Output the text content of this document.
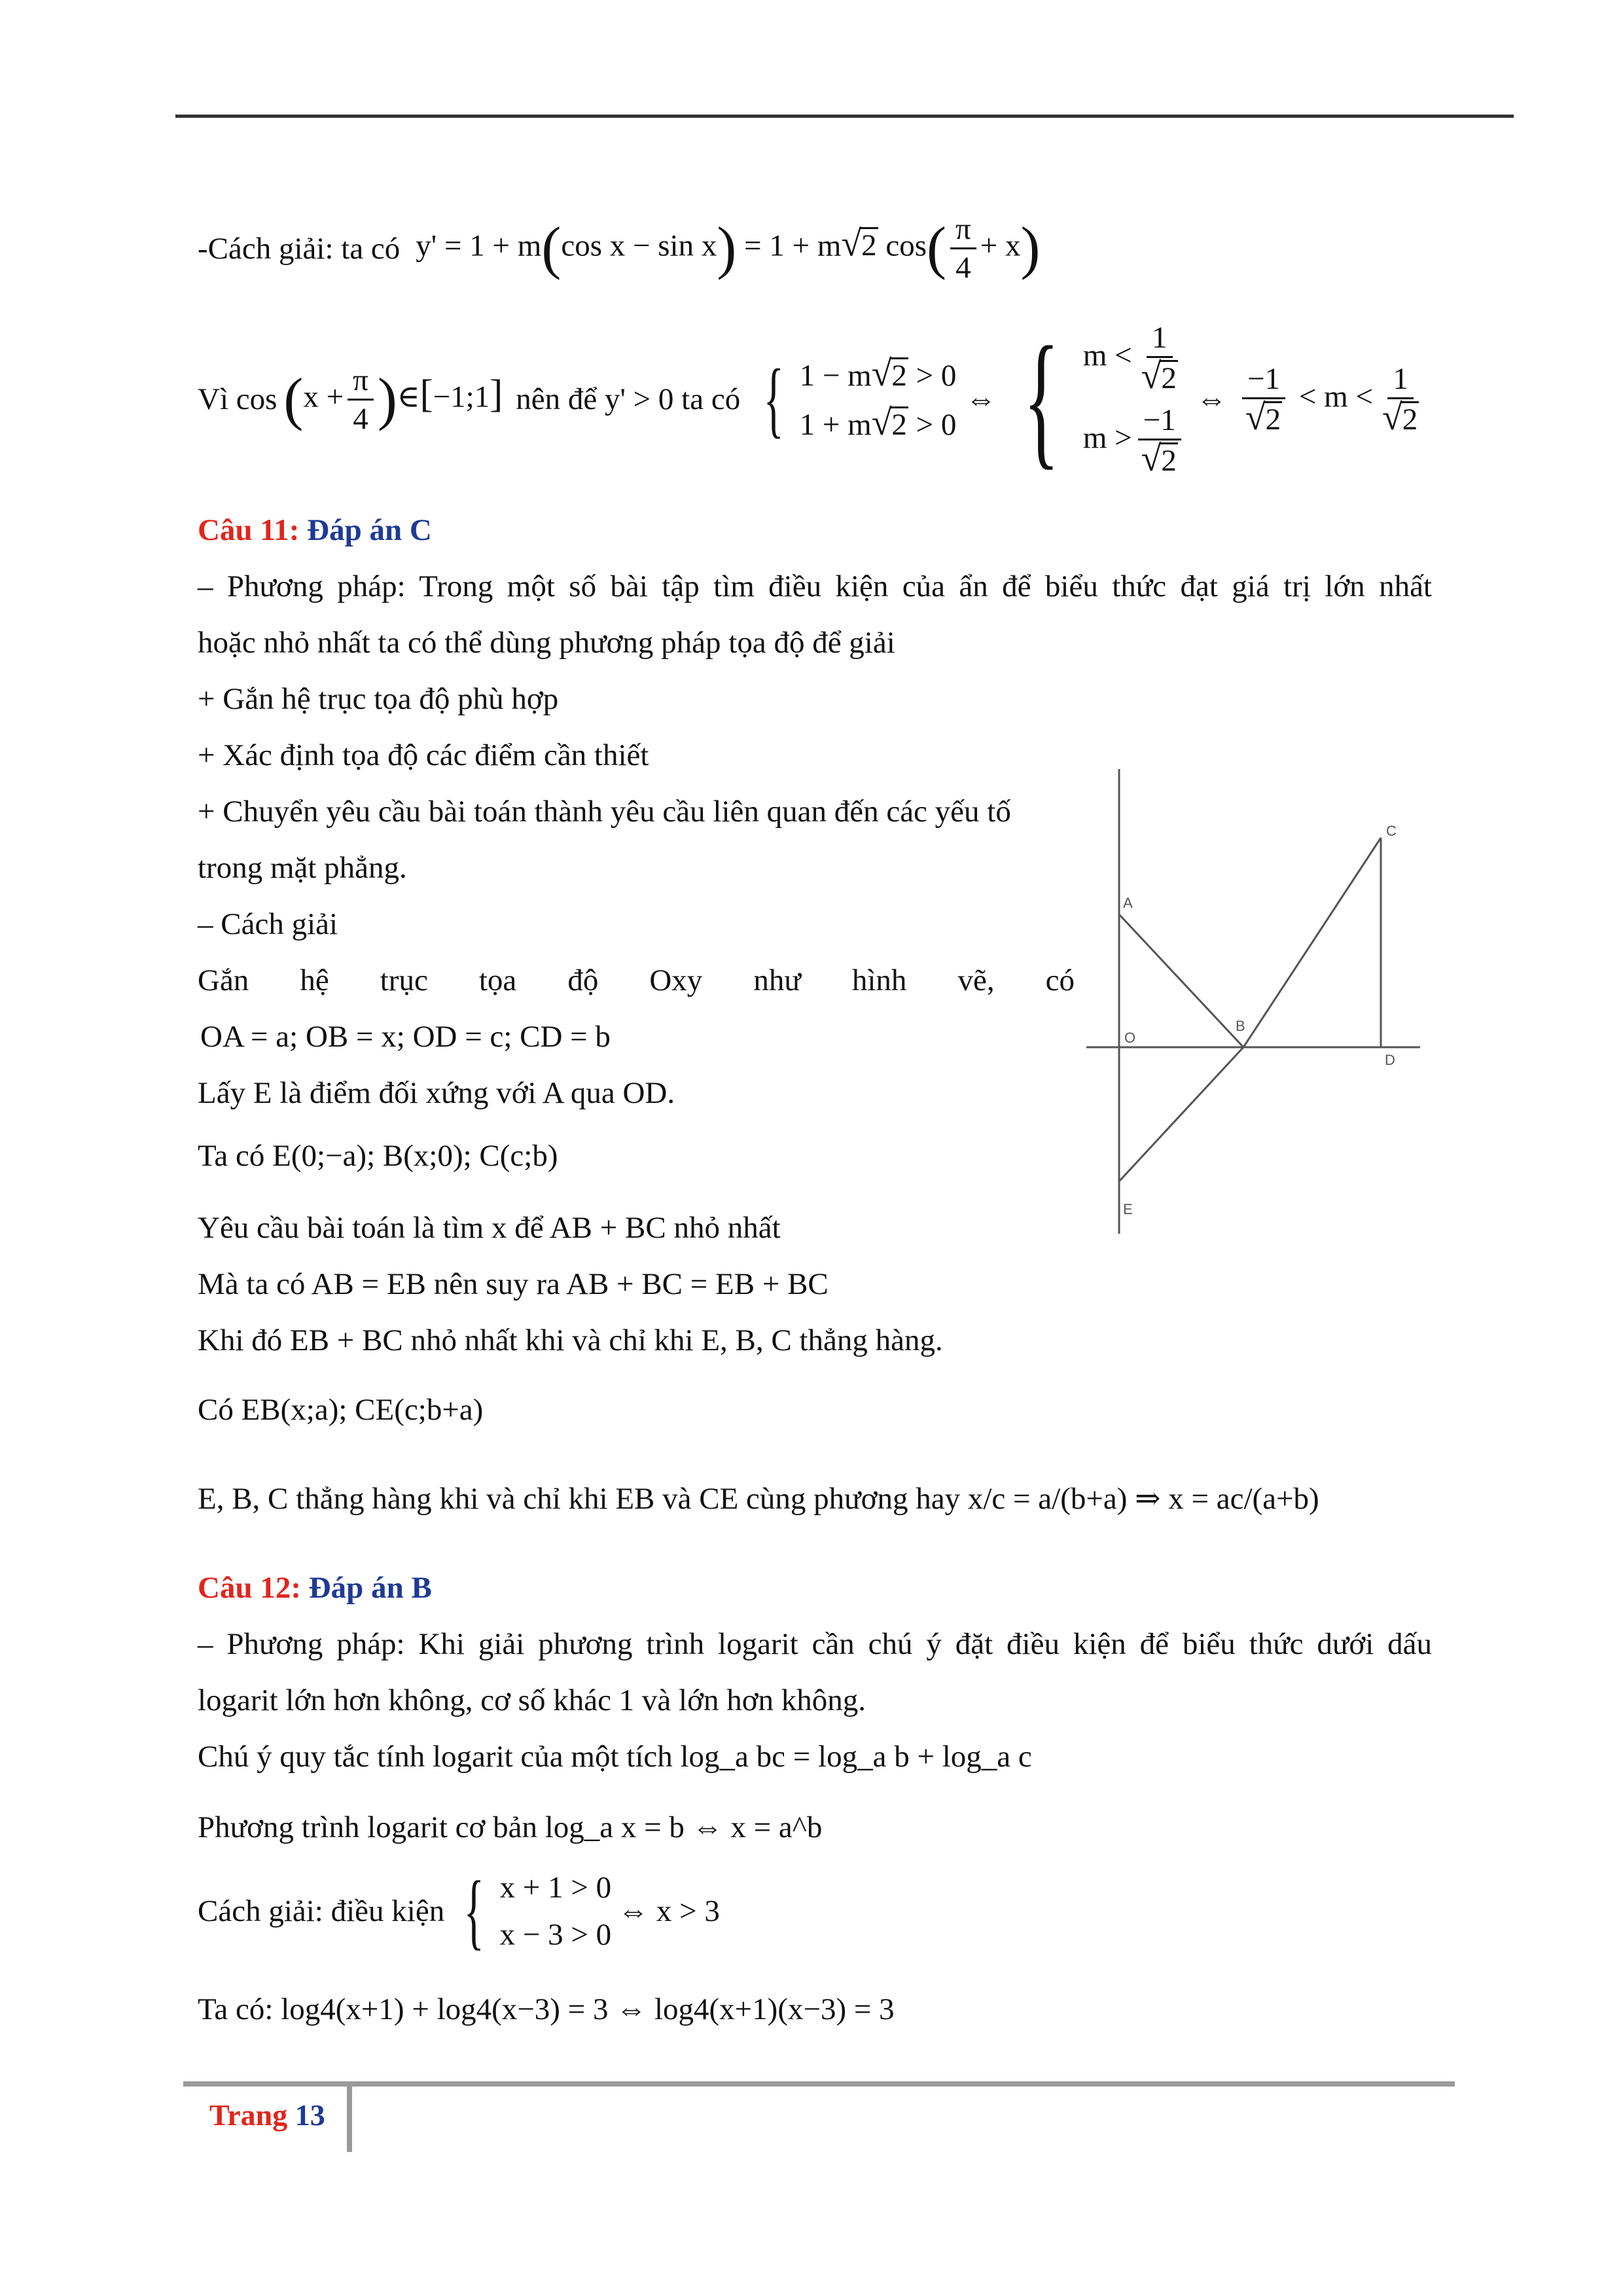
-Cách giải: ta có y' = 1 + m(cos x − sin x) = 1 + m√2 $\cos( \frac{\pi}{4} + x)$
Vì $\cos (x + \frac{\pi}{4}$ )∈[−1;1] nên để y' > 0 ta có { 1 − m√2 > 0
1 + m√2 > 0
⇔ { $m < \frac{1}{√2}$
$m > \frac{-1}{√2}$
⇔ $\frac{-1}{√2} < m < \frac{1}{√2}$
Câu 11: Đáp án C
– Phương pháp: Trong một số bài tập tìm điều kiện của ẩn để biểu thức đạt giá trị lớn nhất
hoặc nhỏ nhất ta có thể dùng phương pháp tọa độ để giải
+ Gắn hệ trục tọa độ phù hợp
+ Xác định tọa độ các điểm cần thiết
+ Chuyển yêu cầu bài toán thành yêu cầu liên quan đến các yếu tố
trong mặt phẳng.
– Cách giải
Gắn hệ trục tọa độ Oxy như hình vẽ, có
OA = a; OB = x; OD = c; CD = b
Lấy E là điểm đối xứng với A qua OD.
Ta có E(0;−a); B(x;0); C(c;b)
Yêu cầu bài toán là tìm x để AB + BC nhỏ nhất
Mà ta có AB = EB nên suy ra AB + BC = EB + BC
Khi đó EB + BC nhỏ nhất khi và chỉ khi E, B, C thẳng hàng.
Có EB(x;a); CE(c;b+a)
E, B, C thẳng hàng khi và chỉ khi EB và CE cùng phương hay x/c = a/(b+a) ⇒ x = ac/(a+b)
A
B
C
D
E
O
Câu 12: Đáp án B
– Phương pháp: Khi giải phương trình logarit cần chú ý đặt điều kiện để biểu thức dưới dấu
logarit lớn hơn không, cơ số khác 1 và lớn hơn không.
Chú ý quy tắc tính logarit của một tích log_a bc = log_a b + log_a c
Phương trình logarit cơ bản log_a x = b ⇔ x = a^b
Cách giải: điều kiện { x + 1 > 0
x − 3 > 0
⇔ x > 3
Ta có: log4(x+1) + log4(x−3) = 3 ⇔ log4(x+1)(x−3) = 3
Trang 13
